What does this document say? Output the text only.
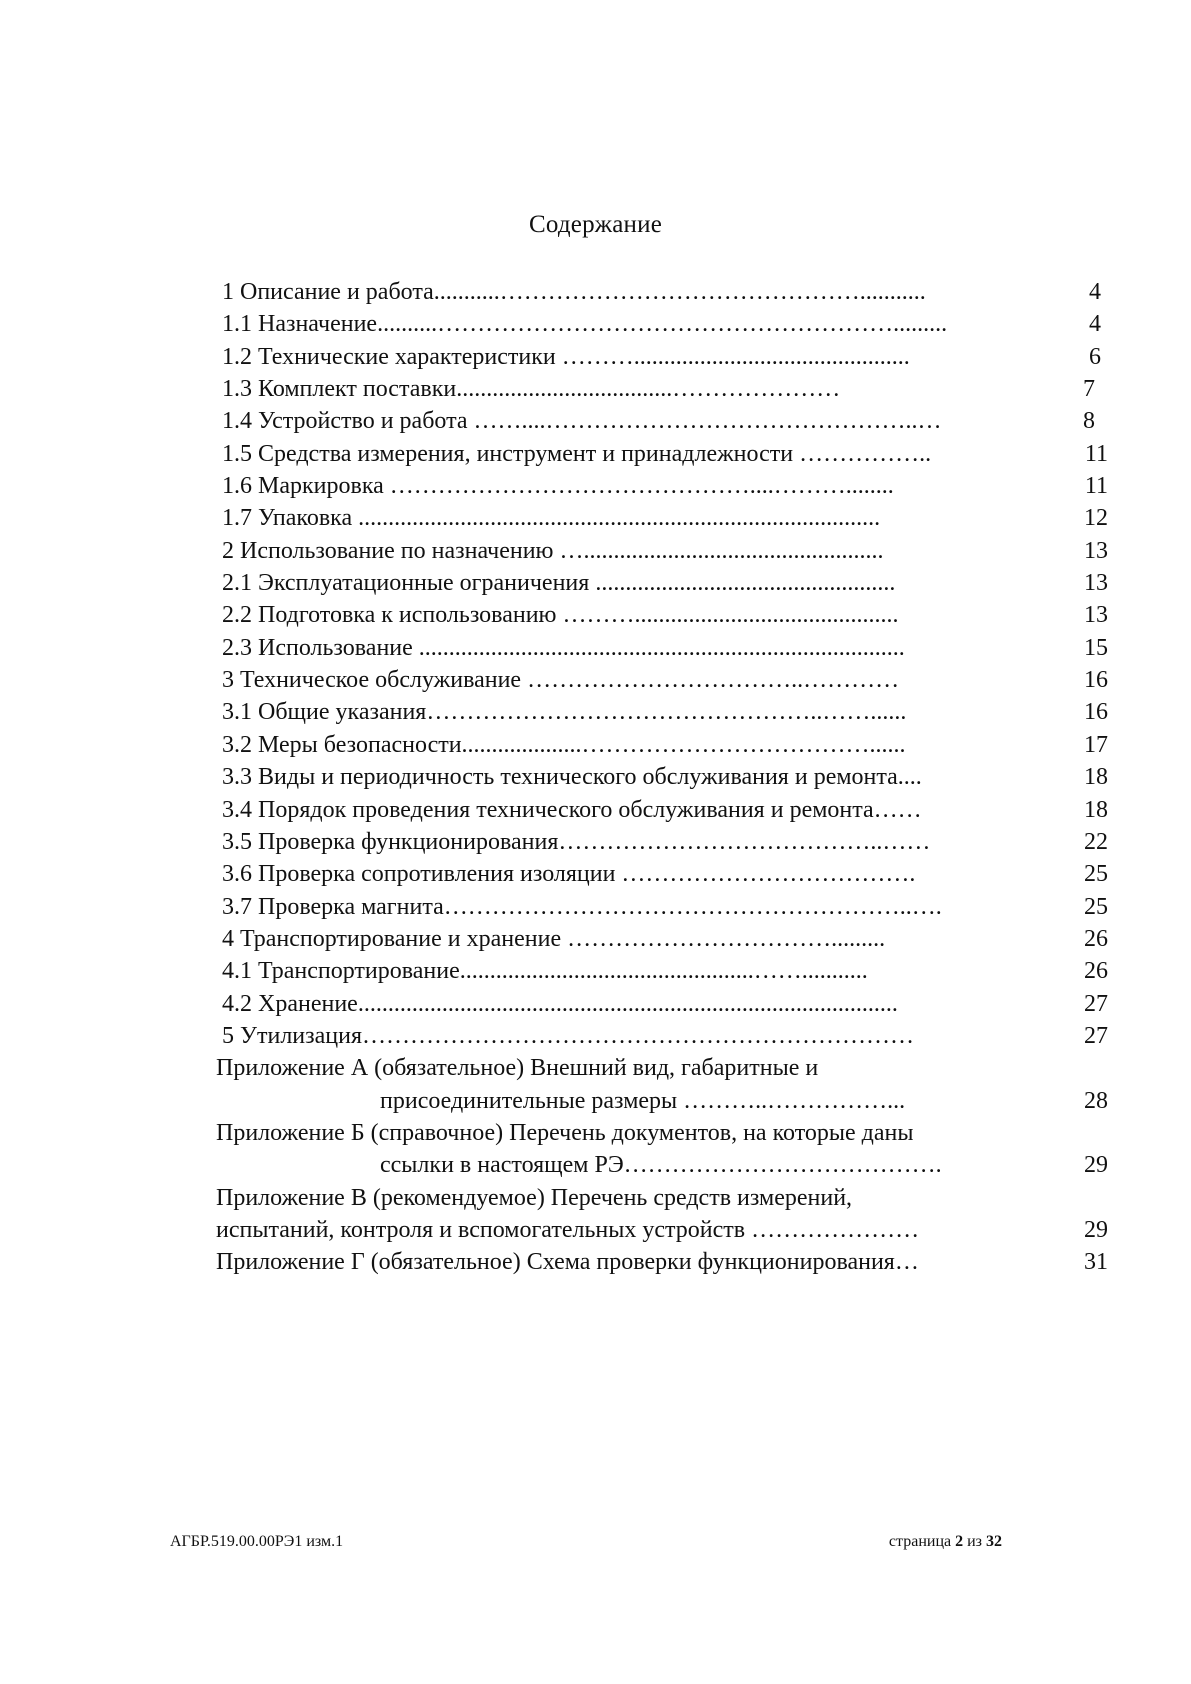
Содержание
1 Описание и работа...........………………………………………...........	4
1.1 Назначение..........………………………………………………….........	4
1.2 Технические характеристики ………..............................................	6
1.3 Комплект поставки....................................…………………	7
1.4 Устройство и работа ……....………………………………………..…	8
1.5 Средства измерения, инструмент и принадлежности ……………..	11
1.6 Маркировка ………………………………………....………........	11
1.7 Упаковка .......................................................................................	12
2 Использование по назначению …..................................................	13
2.1 Эксплуатационные ограничения ..................................................	13
2.2 Подготовка к использованию ………............................................	13
2.3 Использование .................................................................................	15
3 Техническое обслуживание ……………………………..…………	16
3.1 Общие указания…………………………………………..……......	16
3.2 Меры безопасности....................………………………………......	17
3.3 Виды и периодичность технического обслуживания и ремонта....	18
3.4 Порядок проведения технического обслуживания и ремонта……	18
3.5 Проверка функционирования…………………………………..……	22
3.6 Проверка сопротивления изоляции ……………………………….	25
3.7 Проверка магнита…………………………………………………..….	25
4 Транспортирование и хранение …………………………….........	26
4.1 Транспортирование.................................................……...........	26
4.2 Хранение..........................................................................................	27
5 Утилизация……………………………………………………………	27
Приложение А (обязательное) Внешний вид, габаритные и
присоединительные размеры ………..……………...	28
Приложение Б (справочное) Перечень документов, на которые даны
ссылки в настоящем РЭ………………………………….	29
Приложение В (рекомендуемое) Перечень средств измерений,
испытаний, контроля и вспомогательных устройств …………………	29
Приложение Г (обязательное) Схема проверки функционирования…	31
АГБР.519.00.00РЭ1 изм.1	страница 2 из 32
